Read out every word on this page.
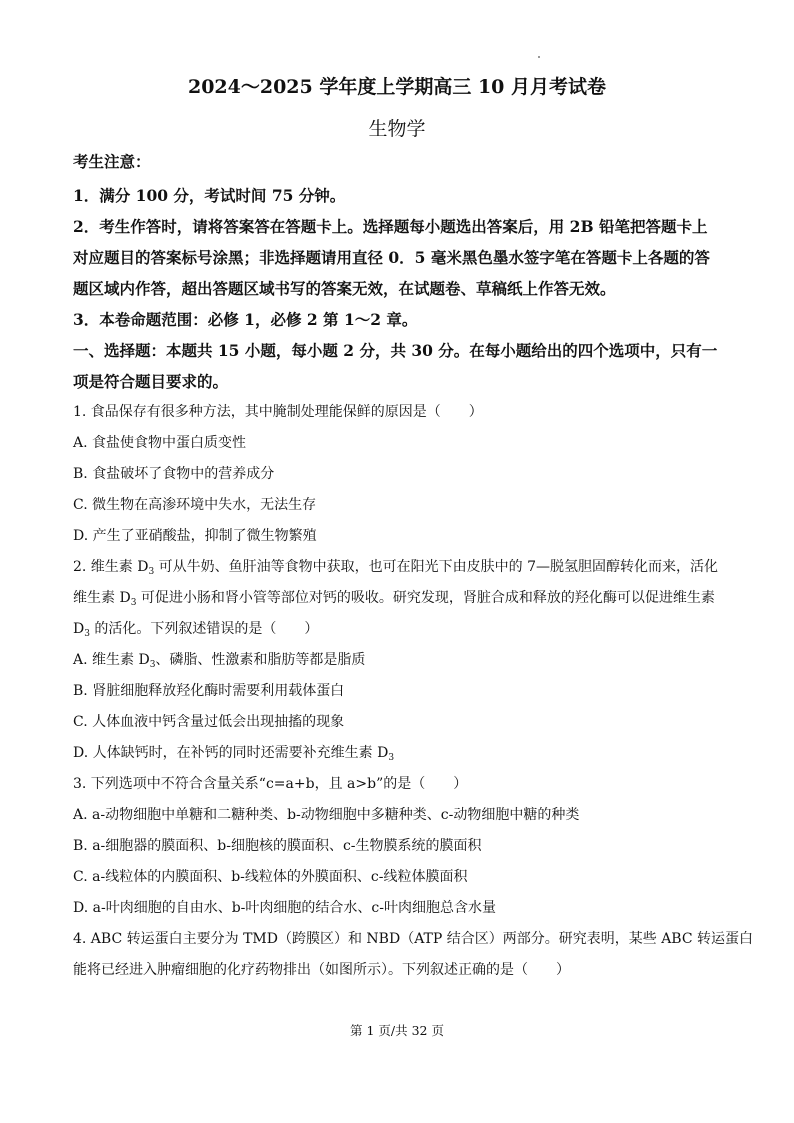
2024～2025 学年度上学期高三 10 月月考试卷
生物学
考生注意：
1．满分 100 分，考试时间 75 分钟。
2．考生作答时，请将答案答在答题卡上。选择题每小题选出答案后，用 2B 铅笔把答题卡上
对应题目的答案标号涂黑；非选择题请用直径 0．5 毫米黑色墨水签字笔在答题卡上各题的答
题区域内作答，超出答题区域书写的答案无效，在试题卷、草稿纸上作答无效。
3．本卷命题范围：必修 1，必修 2 第 1～2 章。
一、选择题：本题共 15 小题，每小题 2 分，共 30 分。在每小题给出的四个选项中，只有一
项是符合题目要求的。
1. 食品保存有很多种方法，其中腌制处理能保鲜的原因是（　　）
A. 食盐使食物中蛋白质变性
B. 食盐破坏了食物中的营养成分
C. 微生物在高渗环境中失水，无法生存
D. 产生了亚硝酸盐，抑制了微生物繁殖
2. 维生素 $D_3$ 可从牛奶、鱼肝油等食物中获取，也可在阳光下由皮肤中的 7—脱氢胆固醇转化而来，活化
维生素 $D_3$ 可促进小肠和肾小管等部位对钙的吸收。研究发现，肾脏合成和释放的羟化酶可以促进维生素
$D_3$ 的活化。下列叙述错误的是（　　）
A. 维生素 $D_3$、磷脂、性激素和脂肪等都是脂质
B. 肾脏细胞释放羟化酶时需要利用载体蛋白
C. 人体血液中钙含量过低会出现抽搐的现象
D. 人体缺钙时，在补钙的同时还需要补充维生素 $D_3$
3. 下列选项中不符合含量关系“c=a+b，且 a>b”的是（　　）
A. a-动物细胞中单糖和二糖种类、b-动物细胞中多糖种类、c-动物细胞中糖的种类
B. a-细胞器的膜面积、b-细胞核的膜面积、c-生物膜系统的膜面积
C. a-线粒体的内膜面积、b-线粒体的外膜面积、c-线粒体膜面积
D. a-叶肉细胞的自由水、b-叶肉细胞的结合水、c-叶肉细胞总含水量
4. ABC 转运蛋白主要分为 TMD（跨膜区）和 NBD（ATP 结合区）两部分。研究表明，某些 ABC 转运蛋白
能将已经进入肿瘤细胞的化疗药物排出（如图所示）。下列叙述正确的是（　　）
第 1 页/共 32 页
